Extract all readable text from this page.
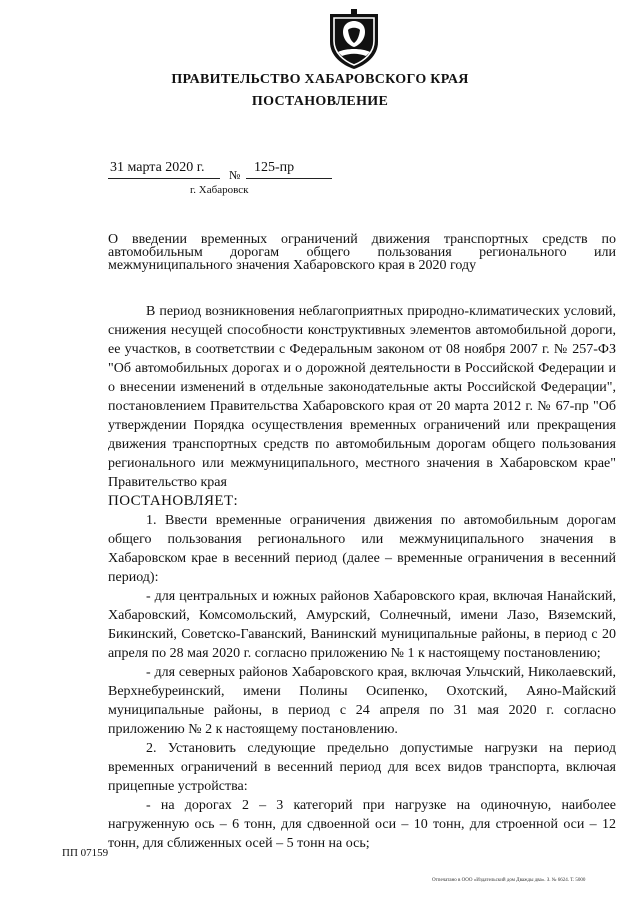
ПРАВИТЕЛЬСТВО ХАБАРОВСКОГО КРАЯ
ПОСТАНОВЛЕНИЕ
31 марта 2020 г. № 125-пр
г. Хабаровск
О введении временных ограничений движения транспортных средств по автомобильным дорогам общего пользования регионального или межмуниципального значения Хабаровского края в 2020 году

В период возникновения неблагоприятных природно-климатических условий, снижения несущей способности конструктивных элементов автомобильной дороги, ее участков, в соответствии с Федеральным законом от 08 ноября 2007 г. № 257-ФЗ "Об автомобильных дорогах и о дорожной деятельности в Российской Федерации и о внесении изменений в отдельные законодательные акты Российской Федерации", постановлением Правительства Хабаровского края от 20 марта 2012 г. № 67-пр "Об утверждении Порядка осуществления временных ограничений или прекращения движения транспортных средств по автомобильным дорогам общего пользования регионального или межмуниципального, местного значения в Хабаровском крае" Правительство края

ПОСТАНОВЛЯЕТ:

1. Ввести временные ограничения движения по автомобильным дорогам общего пользования регионального или межмуниципального значения в Хабаровском крае в весенний период (далее – временные ограничения в весенний период):

- для центральных и южных районов Хабаровского края, включая Нанайский, Хабаровский, Комсомольский, Амурский, Солнечный, имени Лазо, Вяземский, Бикинский, Советско-Гаванский, Ванинский муниципальные районы, в период с 20 апреля по 28 мая 2020 г. согласно приложению № 1 к настоящему постановлению;

- для северных районов Хабаровского края, включая Ульчский, Николаевский, Верхнебуреинский, имени Полины Осипенко, Охотский, Аяно-Майский муниципальные районы, в период с 24 апреля по 31 мая 2020 г. согласно приложению № 2 к настоящему постановлению.

2. Установить следующие предельно допустимые нагрузки на период временных ограничений в весенний период для всех видов транспорта, включая прицепные устройства:

- на дорогах 2 – 3 категорий при нагрузке на одиночную, наиболее нагруженную ось – 6 тонн, для сдвоенной оси – 10 тонн, для строенной оси – 12 тонн, для сближенных осей – 5 тонн на ось;

ПП 07159
Отпечатано в ООО «Издательский дом Дважды два». З. № 6624. Т. 5000
